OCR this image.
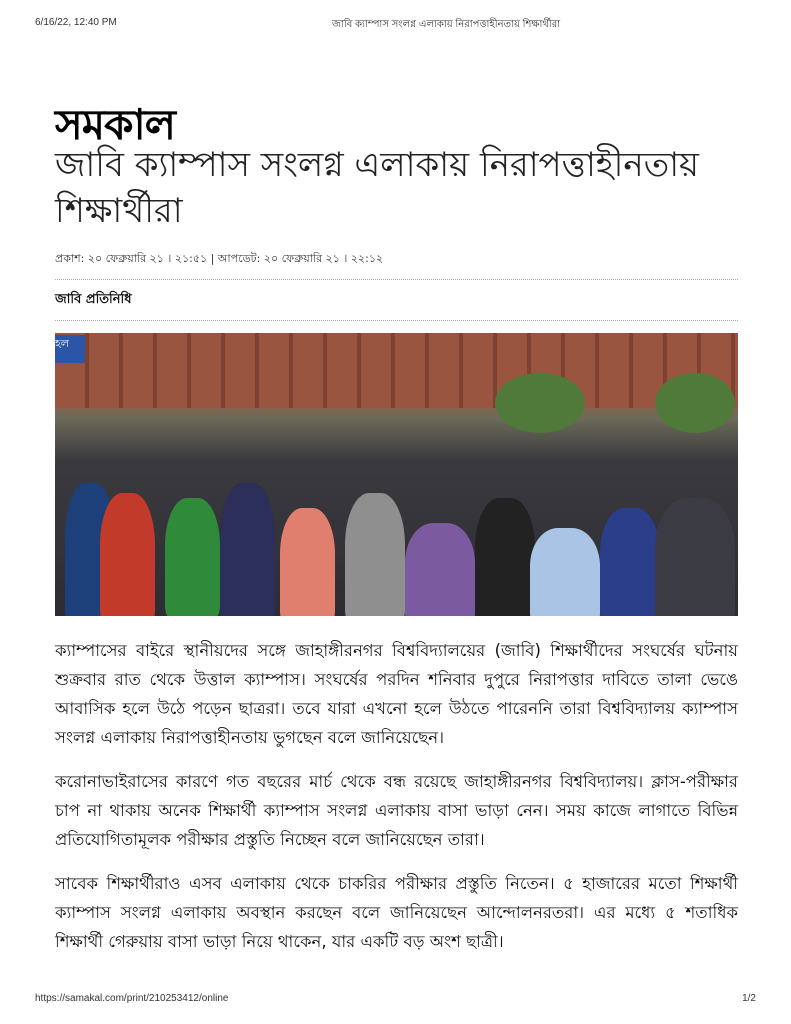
6/16/22, 12:40 PM	জাবি ক্যাম্পাস সংলগ্ন এলাকায় নিরাপত্তাহীনতায় শিক্ষার্থীরা
সমকাল
জাবি ক্যাম্পাস সংলগ্ন এলাকায় নিরাপত্তাহীনতায় শিক্ষার্থীরা
প্রকাশ: ২০ ফেব্রুয়ারি ২১ । ২১:৫১ | আপডেট: ২০ ফেব্রুয়ারি ২১ । ২২:১২
জাবি প্রতিনিধি
হল

ক্যাম্পাসের বাইরে স্থানীয়দের সঙ্গে জাহাঙ্গীরনগর বিশ্ববিদ্যালয়ের (জাবি) শিক্ষার্থীদের সংঘর্ষের ঘটনায় শুক্রবার রাত থেকে উত্তাল ক্যাম্পাস। সংঘর্ষের পরদিন শনিবার দুপুরে নিরাপত্তার দাবিতে তালা ভেঙে আবাসিক হলে উঠে পড়েন ছাত্ররা। তবে যারা এখনো হলে উঠতে পারেননি তারা বিশ্ববিদ্যালয় ক্যাম্পাস সংলগ্ন এলাকায় নিরাপত্তাহীনতায় ভুগছেন বলে জানিয়েছেন।

করোনাভাইরাসের কারণে গত বছরের মার্চ থেকে বন্ধ রয়েছে জাহাঙ্গীরনগর বিশ্ববিদ্যালয়। ক্লাস-পরীক্ষার চাপ না থাকায় অনেক শিক্ষার্থী ক্যাম্পাস সংলগ্ন এলাকায় বাসা ভাড়া নেন। সময় কাজে লাগাতে বিভিন্ন প্রতিযোগিতামূলক পরীক্ষার প্রস্তুতি নিচ্ছেন বলে জানিয়েছেন তারা।

সাবেক শিক্ষার্থীরাও এসব এলাকায় থেকে চাকরির পরীক্ষার প্রস্তুতি নিতেন। ৫ হাজারের মতো শিক্ষার্থী ক্যাম্পাস সংলগ্ন এলাকায় অবস্থান করছেন বলে জানিয়েছেন আন্দোলনরতরা। এর মধ্যে ৫ শতাধিক শিক্ষার্থী গেরুয়ায় বাসা ভাড়া নিয়ে থাকেন, যার একটি বড় অংশ ছাত্রী।

https://samakal.com/print/210253412/online	1/2
